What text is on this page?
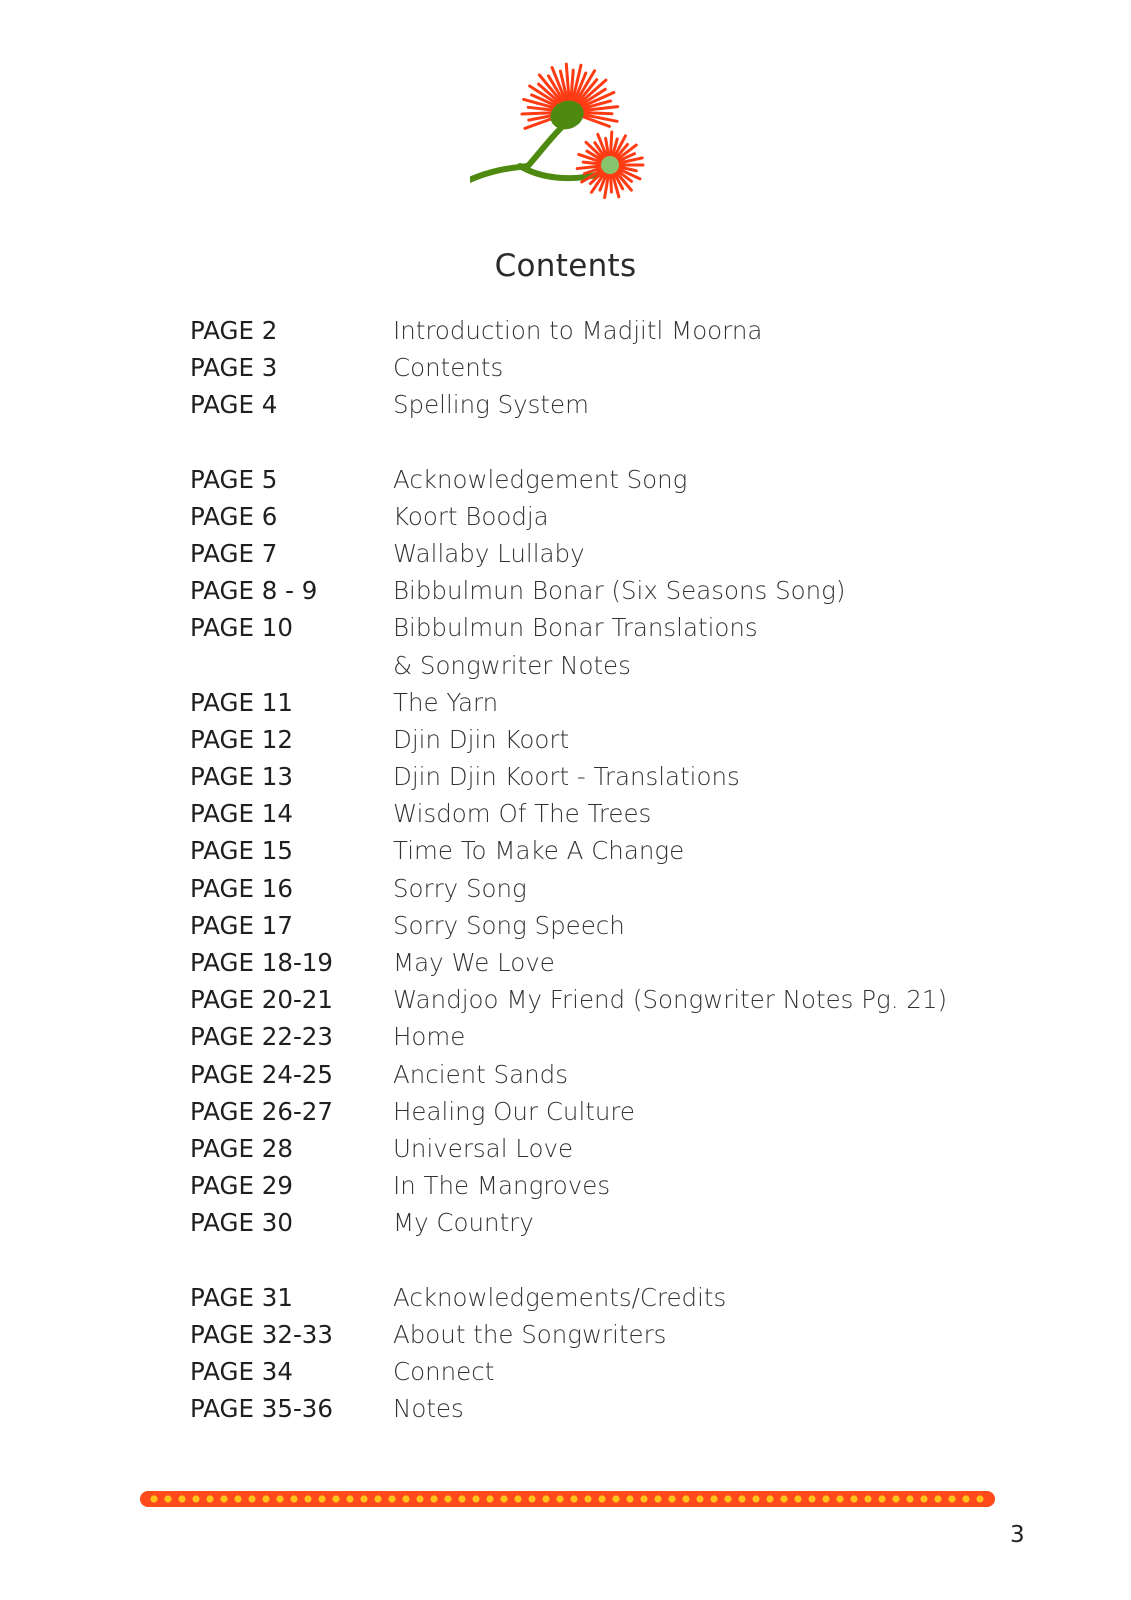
Contents
PAGE 2	Introduction to Madjitl Moorna
PAGE 3	Contents
PAGE 4	Spelling System
PAGE 5	Acknowledgement Song
PAGE 6	Koort Boodja
PAGE 7	Wallaby Lullaby
PAGE 8 - 9	Bibbulmun Bonar (Six Seasons Song)
PAGE 10	Bibbulmun Bonar Translations
& Songwriter Notes
PAGE 11	The Yarn
PAGE 12	Djin Djin Koort
PAGE 13	Djin Djin Koort - Translations
PAGE 14	Wisdom Of The Trees
PAGE 15	Time To Make A Change
PAGE 16	Sorry Song
PAGE 17	Sorry Song Speech
PAGE 18-19 May We Love
PAGE 20-21 Wandjoo My Friend (Songwriter Notes Pg. 21)
PAGE 22-23 Home
PAGE 24-25 Ancient Sands
PAGE 26-27 Healing Our Culture
PAGE 28	Universal Love
PAGE 29	In The Mangroves
PAGE 30	My Country
PAGE 31	Acknowledgements/Credits
PAGE 32-33 About the Songwriters
PAGE 34	Connect
PAGE 35-36 Notes
3
